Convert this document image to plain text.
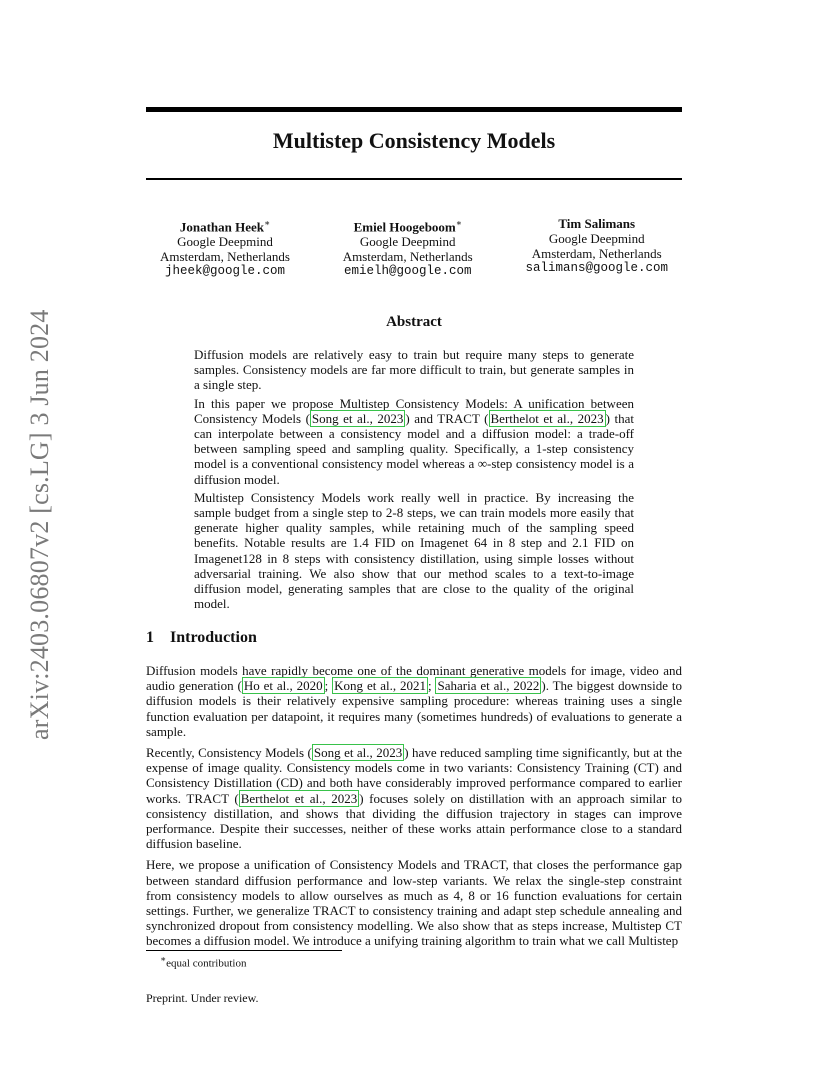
arXiv:2403.06807v2 [cs.LG] 3 Jun 2024
Multistep Consistency Models
Jonathan Heek∗
Google Deepmind
Amsterdam, Netherlands
jheek@google.com
Emiel Hoogeboom∗
Google Deepmind
Amsterdam, Netherlands
emielh@google.com
Tim Salimans
Google Deepmind
Amsterdam, Netherlands
salimans@google.com
Abstract

Diffusion models are relatively easy to train but require many steps to generate samples. Consistency models are far more difficult to train, but generate samples in a single step.

In this paper we propose Multistep Consistency Models: A unification between Consistency Models ( Song et al., 2023 ) and TRACT ( Berthelot et al., 2023 ) that can interpolate between a consistency model and a diffusion model: a trade-off between sampling speed and sampling quality. Specifically, a 1-step consistency model is a conventional consistency model whereas a ∞-step consistency model is a diffusion model.

Multistep Consistency Models work really well in practice. By increasing the sample budget from a single step to 2-8 steps, we can train models more easily that generate higher quality samples, while retaining much of the sampling speed benefits. Notable results are 1.4 FID on Imagenet 64 in 8 step and 2.1 FID on Imagenet128 in 8 steps with consistency distillation, using simple losses without adversarial training. We also show that our method scales to a text-to-image diffusion model, generating samples that are close to the quality of the original model.

1 Introduction

Diffusion models have rapidly become one of the dominant generative models for image, video and audio generation ( Ho et al., 2020 ; Kong et al., 2021 ; Saharia et al., 2022 ). The biggest downside to diffusion models is their relatively expensive sampling procedure: whereas training uses a single function evaluation per datapoint, it requires many (sometimes hundreds) of evaluations to generate a sample.

Recently, Consistency Models ( Song et al., 2023 ) have reduced sampling time significantly, but at the expense of image quality. Consistency models come in two variants: Consistency Training (CT) and Consistency Distillation (CD) and both have considerably improved performance compared to earlier works. TRACT ( Berthelot et al., 2023 ) focuses solely on distillation with an approach similar to consistency distillation, and shows that dividing the diffusion trajectory in stages can improve performance. Despite their successes, neither of these works attain performance close to a standard diffusion baseline.

Here, we propose a unification of Consistency Models and TRACT, that closes the performance gap between standard diffusion performance and low-step variants. We relax the single-step constraint from consistency models to allow ourselves as much as 4, 8 or 16 function evaluations for certain settings. Further, we generalize TRACT to consistency training and adapt step schedule annealing and synchronized dropout from consistency modelling. We also show that as steps increase, Multistep CT becomes a diffusion model. We introduce a unifying training algorithm to train what we call Multistep

∗equal contribution
Preprint. Under review.
